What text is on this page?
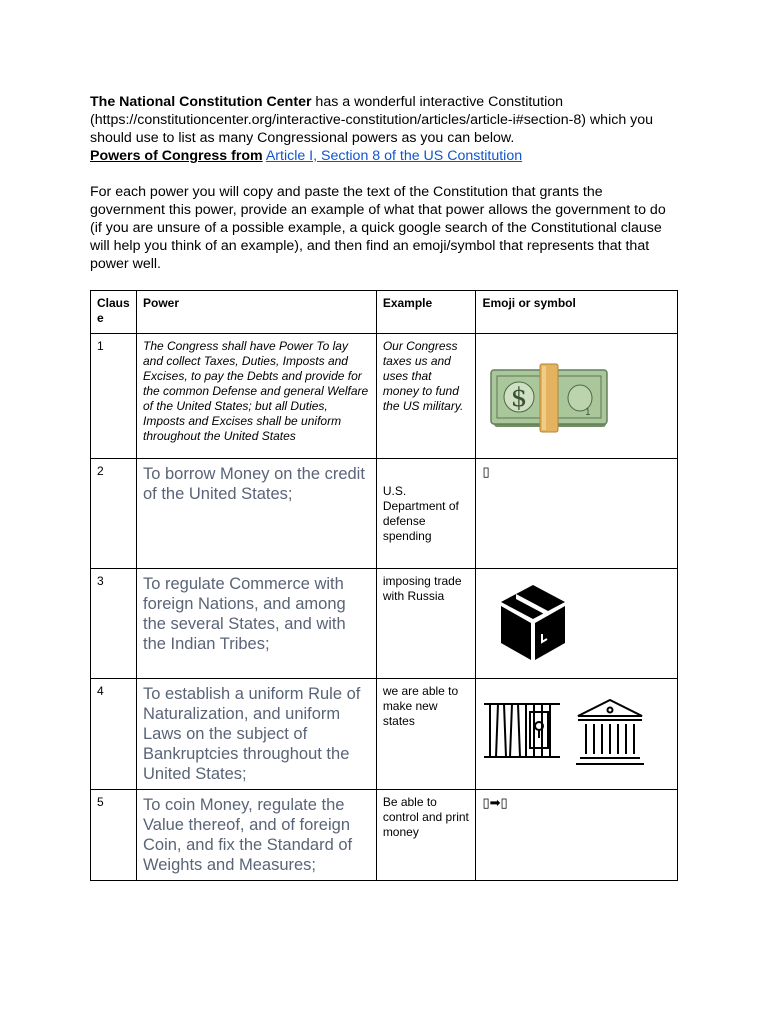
The National Constitution Center has a wonderful interactive Constitution (https://constitutioncenter.org/interactive-constitution/articles/article-i#section-8) which you should use to list as many Congressional powers as you can below.

Powers of Congress from Article I, Section 8 of the US Constitution

For each power you will copy and paste the text of the Constitution that grants the government this power, provide an example of what that power allows the government to do (if you are unsure of a possible example, a quick google search of the Constitutional clause will help you think of an example), and then find an emoji/symbol that represents that that power well.

Claus e	Power	Example	Emoji or symbol
1	The Congress shall have Power To lay and collect Taxes, Duties, Imposts and Excises, to pay the Debts and provide for the common Defense and general Welfare of the United States; but all Duties, Imposts and Excises shall be uniform throughout the United States	Our Congress taxes us and uses that money to fund the US military.	$ 1

2	To borrow Money on the credit of the United States;	U.S. Department of defense spending	▯
3	To regulate Commerce with foreign Nations, and among the several States, and with the Indian Tribes;	imposing trade with Russia	
4	To establish a uniform Rule of Naturalization, and uniform Laws on the subject of Bankruptcies throughout the United States;	we are able to make new states	
5	To coin Money, regulate the Value thereof, and of foreign Coin, and fix the Standard of Weights and Measures;	Be able to control and print money	▯➡▯
